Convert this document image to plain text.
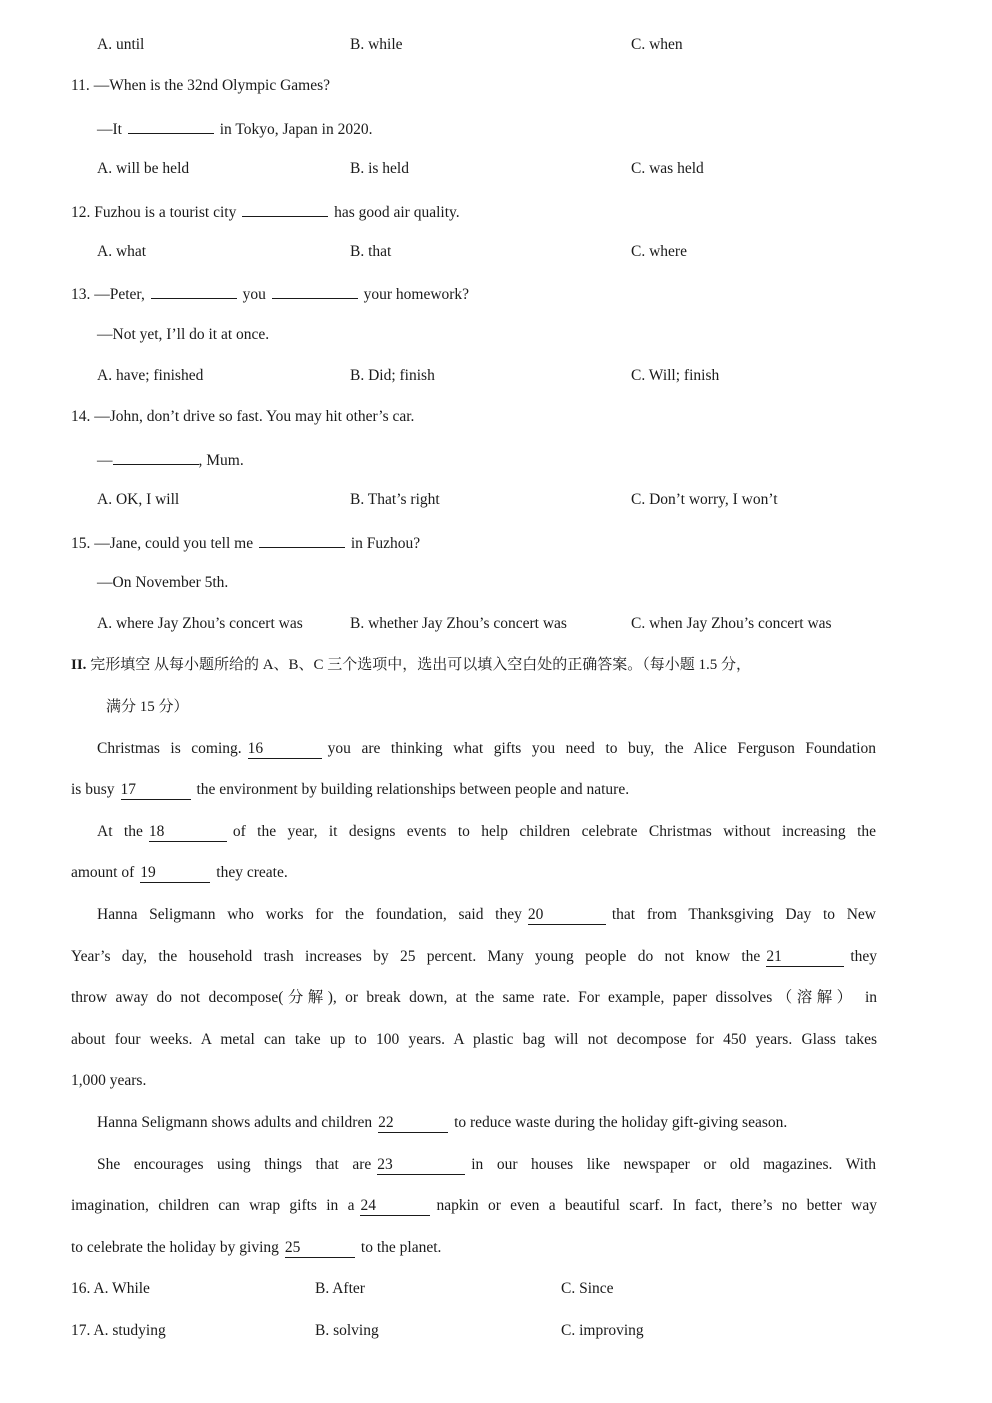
A. until	B. while	C. when
11. —When is the 32nd Olympic Games?
—It	in Tokyo, Japan in 2020.
A. will be held	B. is held	C. was held
12. Fuzhou is a tourist city	has good air quality.
A. what	B. that	C. where
13. —Peter,	you	your homework?
—Not yet, I’ll do it at once.
A. have; finished	B. Did; finish	C. Will; finish
14. —John, don’t drive so fast. You may hit other’s car.
—	, Mum.
A. OK, I will	B. That’s right	C. Don’t worry, I won’t
15. —Jane, could you tell me	in Fuzhou?
—On November 5th.
A. where Jay Zhou’s concert was	B. whether Jay Zhou’s concert was	C. when Jay Zhou’s concert was
II. 完形填空 从每小题所给的 A、B、C 三个选项中，选出可以填入空白处的正确答案。（每小题 1.5 分，
满分 15 分）
Christmas is coming. 16	you are thinking what gifts you need to buy, the Alice Ferguson Foundation
is busy 17	the environment by building relationships between people and nature.
At the 18	of the year, it designs events to help children celebrate Christmas without increasing the
amount of 19	they create.
Hanna Seligmann who works for the foundation, said they 20	that from Thanksgiving Day to New
Year’s day, the household trash increases by 25 percent. Many young people do not know the 21	they
throw away do not decompose(分解), or break down, at the same rate. For example, paper dissolves（溶解） in
about four weeks. A metal can take up to 100 years. A plastic bag will not decompose for 450 years. Glass takes
1,000 years.
Hanna Seligmann shows adults and children 22	to reduce waste during the holiday gift-giving season.
She encourages using things that are 23	in our houses like newspaper or old magazines. With
imagination, children can wrap gifts in a 24	napkin or even a beautiful scarf. In fact, there’s no better way
to celebrate the holiday by giving 25	to the planet.
16. A. While	B. After	C. Since
17. A. studying	B. solving	C. improving
